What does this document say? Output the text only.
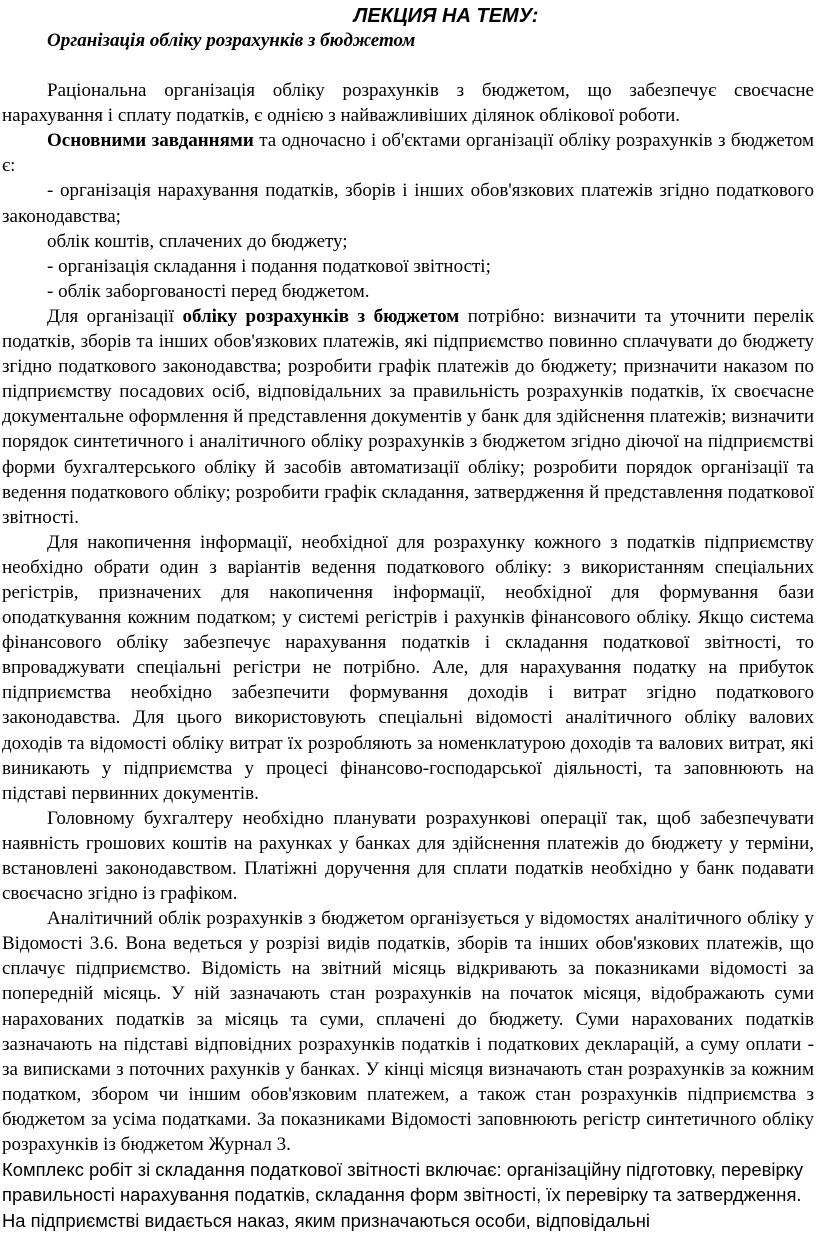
ЛЕКЦИЯ НА ТЕМУ:
Організація обліку розрахунків з бюджетом

Раціональна організація обліку розрахунків з бюджетом, що забезпечує своєчасне нарахування і сплату податків, є однією з найважливіших ділянок облікової роботи.

Основними завданнями та одночасно і об'єктами організації обліку розрахунків з бюджетом є:

- організація нарахування податків, зборів і інших обов'язкових платежів згідно податкового законодавства;

облік коштів, сплачених до бюджету;

- організація складання і подання податкової звітності;

- облік заборгованості перед бюджетом.

Для організації обліку розрахунків з бюджетом потрібно: визначити та уточнити перелік податків, зборів та інших обов'язкових платежів, які підприємство повинно сплачувати до бюджету згідно податкового законодавства; розробити графік платежів до бюджету; призначити наказом по підприємству посадових осіб, відповідальних за правильність розрахунків податків, їх своєчасне документальне оформлення й представлення документів у банк для здійснення платежів; визначити порядок синтетичного і аналітичного обліку розрахунків з бюджетом згідно діючої на підприємстві форми бухгалтерського обліку й засобів автоматизації обліку; розробити порядок організації та ведення податкового обліку; розробити графік складання, затвердження й представлення податкової звітності.

Для накопичення інформації, необхідної для розрахунку кожного з податків підприємству необхідно обрати один з варіантів ведення податкового обліку: з використанням спеціальних регістрів, призначених для накопичення інформації, необхідної для формування бази оподаткування кожним податком; у системі регістрів і рахунків фінансового обліку. Якщо система фінансового обліку забезпечує нарахування податків і складання податкової звітності, то впроваджувати спеціальні регістри не потрібно. Але, для нарахування податку на прибуток підприємства необхідно забезпечити формування доходів і витрат згідно податкового законодавства. Для цього використовують спеціальні відомості аналітичного обліку валових доходів та відомості обліку витрат їх розробляють за номенклатурою доходів та валових витрат, які виникають у підприємства у процесі фінансово-господарської діяльності, та заповнюють на підставі первинних документів.

Головному бухгалтеру необхідно планувати розрахункові операції так, щоб забезпечувати наявність грошових коштів на рахунках у банках для здійснення платежів до бюджету у терміни, встановлені законодавством. Платіжні доручення для сплати податків необхідно у банк подавати своєчасно згідно із графіком.

Аналітичний облік розрахунків з бюджетом організується у відомостях аналітичного обліку у Відомості 3.6. Вона ведеться у розрізі видів податків, зборів та інших обов'язкових платежів, що сплачує підприємство. Відомість на звітний місяць відкривають за показниками відомості за попередній місяць. У ній зазначають стан розрахунків на початок місяця, відображають суми нарахованих податків за місяць та суми, сплачені до бюджету. Суми нарахованих податків зазначають на підставі відповідних розрахунків податків і податкових декларацій, а суму оплати - за виписками з поточних рахунків у банках. У кінці місяця визначають стан розрахунків за кожним податком, збором чи іншим обов'язковим платежем, а також стан розрахунків підприємства з бюджетом за усіма податками. За показниками Відомості заповнюють регістр синтетичного обліку розрахунків із бюджетом Журнал 3.

Комплекс робіт зі складання податкової звітності включає: організаційну підготовку, перевірку правильності нарахування податків, складання форм звітності, їх перевірку та затвердження. На підприємстві видається наказ, яким призначаються особи, відповідальні
